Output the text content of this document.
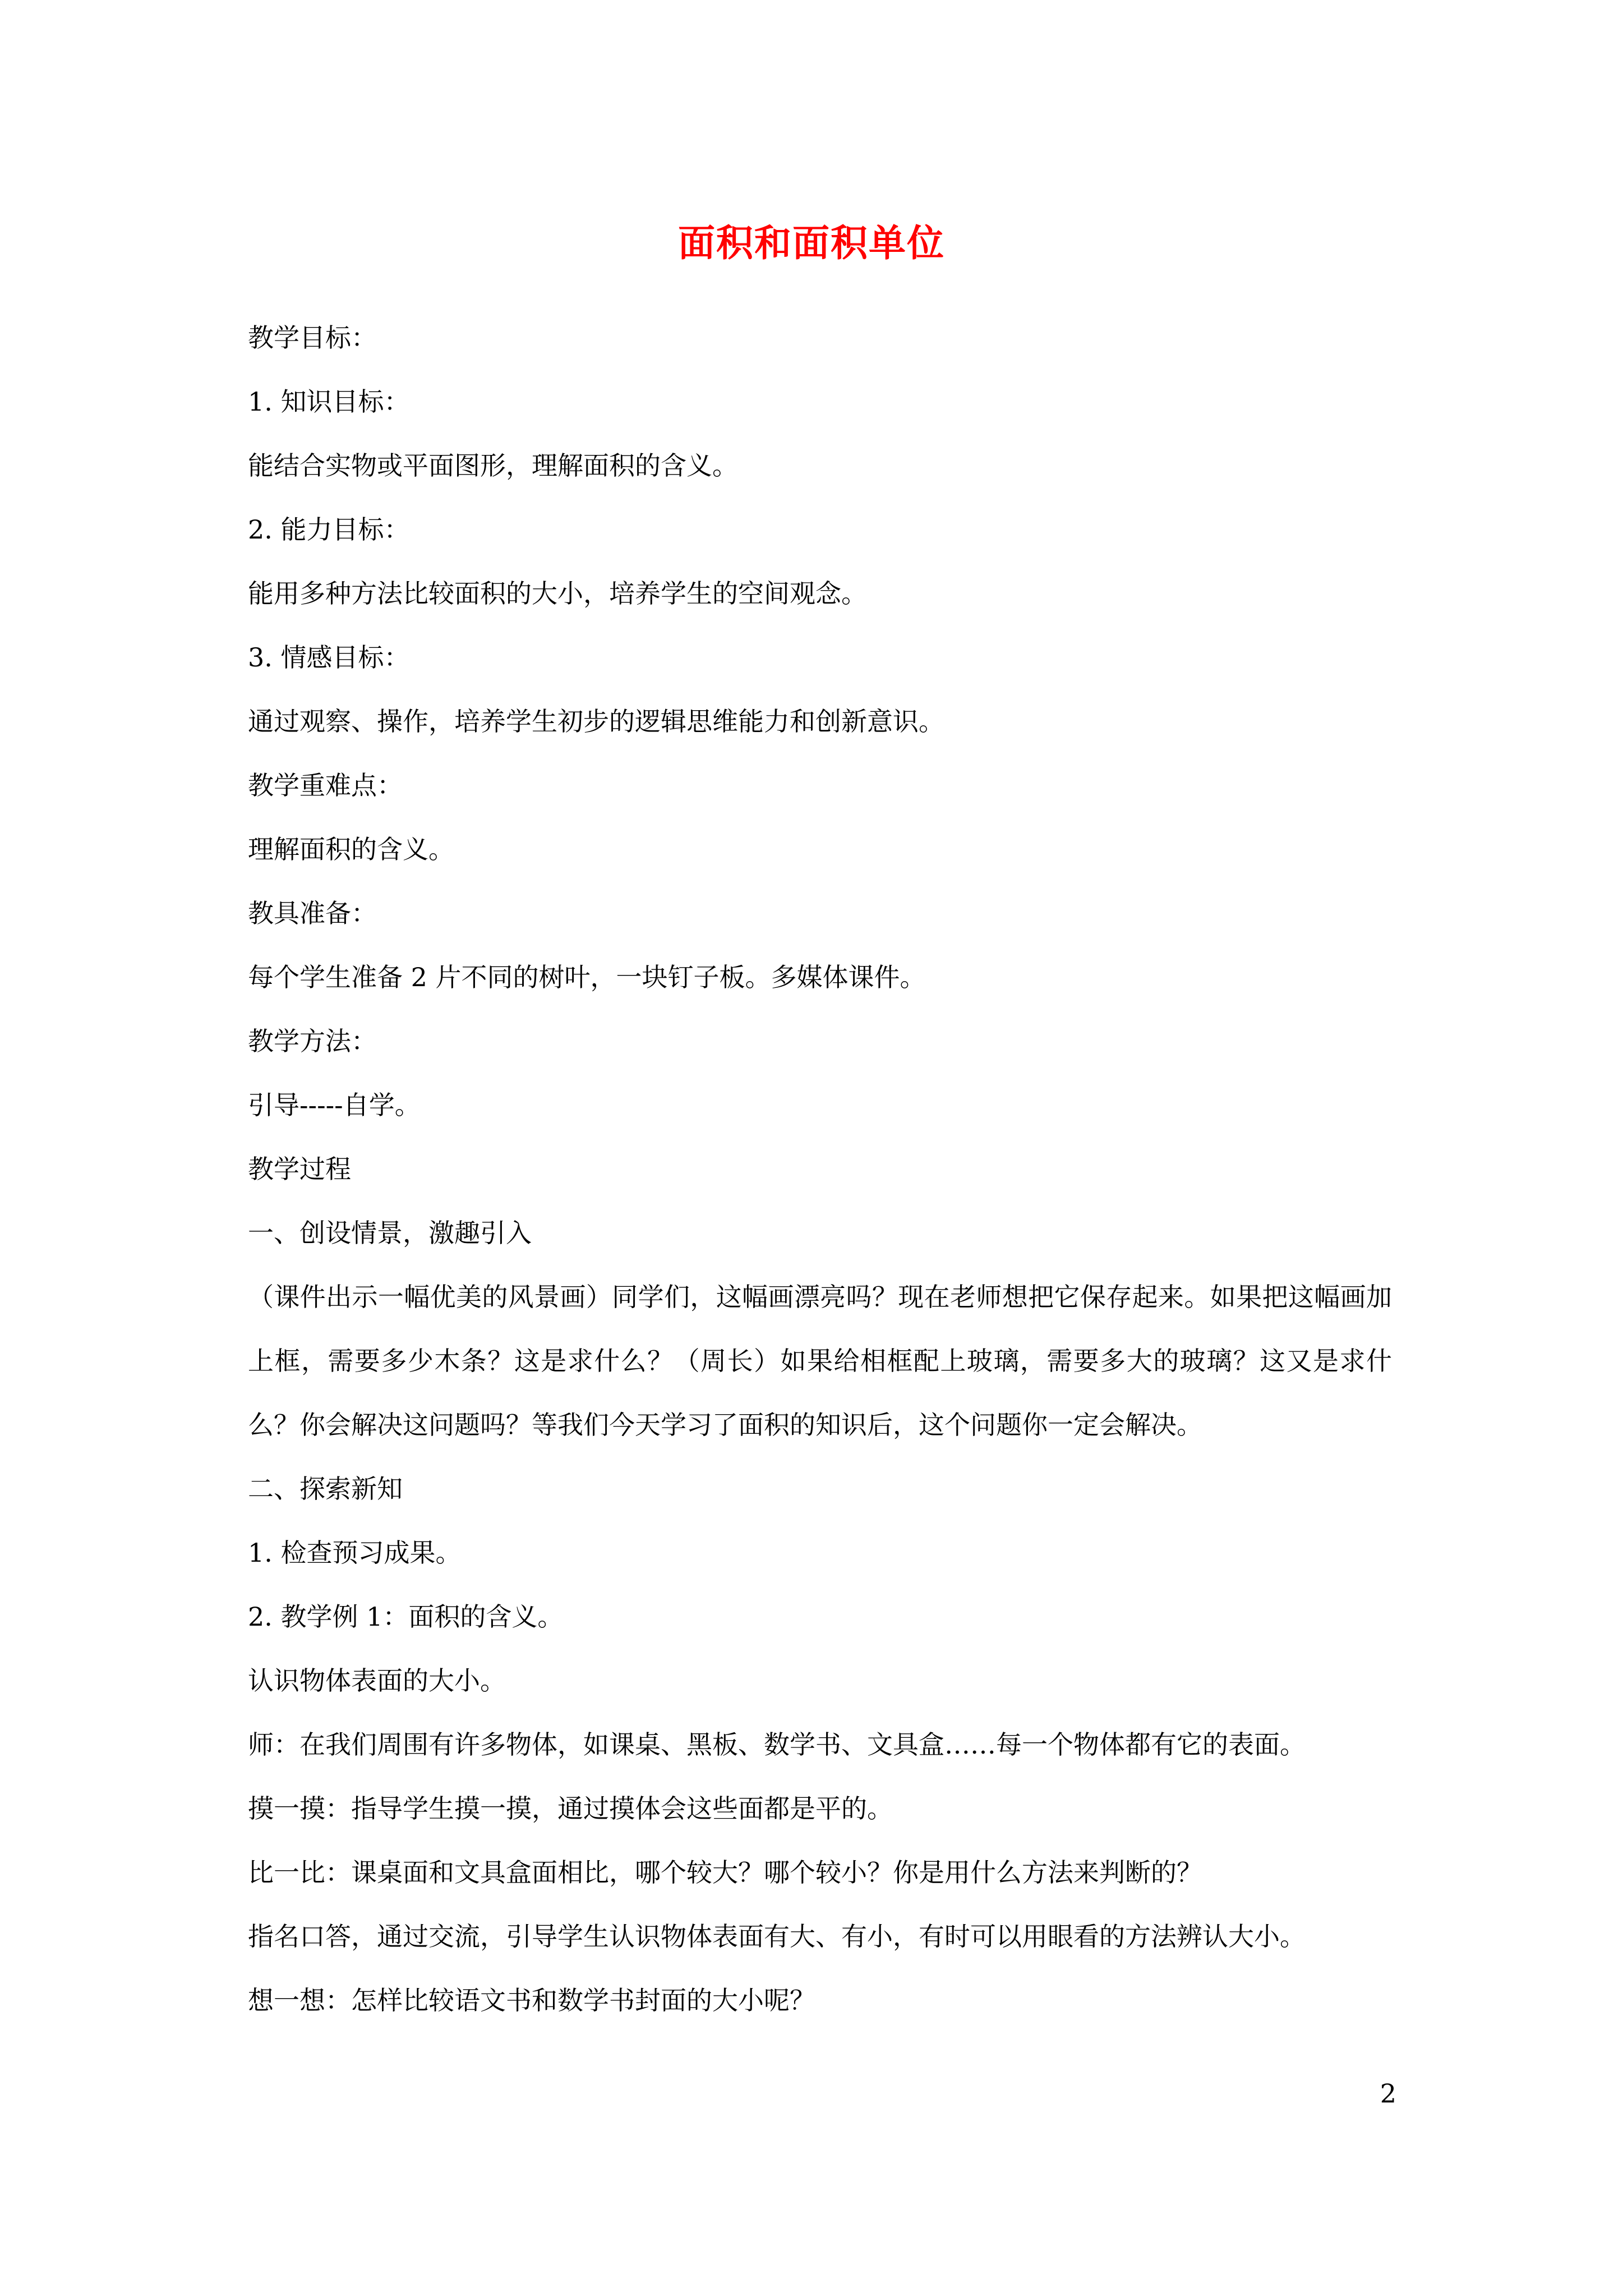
面积和面积单位

教学目标：

1. 知识目标：

能结合实物或平面图形，理解面积的含义。

2. 能力目标：

能用多种方法比较面积的大小，培养学生的空间观念。

3. 情感目标：

通过观察、操作，培养学生初步的逻辑思维能力和创新意识。

教学重难点：

理解面积的含义。

教具准备：

每个学生准备 2 片不同的树叶，一块钉子板。多媒体课件。

教学方法：

引导-----自学。

教学过程

一、创设情景，激趣引入

（课件出示一幅优美的风景画）同学们，这幅画漂亮吗？现在老师想把它保存起来。如果把这幅画加上框，需要多少木条？这是求什么？（周长）如果给相框配上玻璃，需要多大的玻璃？这又是求什么？你会解决这问题吗？等我们今天学习了面积的知识后，这个问题你一定会解决。

二、探索新知

1. 检查预习成果。

2. 教学例 1：面积的含义。

认识物体表面的大小。

师：在我们周围有许多物体，如课桌、黑板、数学书、文具盒……每一个物体都有它的表面。

摸一摸：指导学生摸一摸，通过摸体会这些面都是平的。

比一比：课桌面和文具盒面相比，哪个较大？哪个较小？你是用什么方法来判断的？

指名口答，通过交流，引导学生认识物体表面有大、有小，有时可以用眼看的方法辨认大小。

想一想：怎样比较语文书和数学书封面的大小呢？

2
